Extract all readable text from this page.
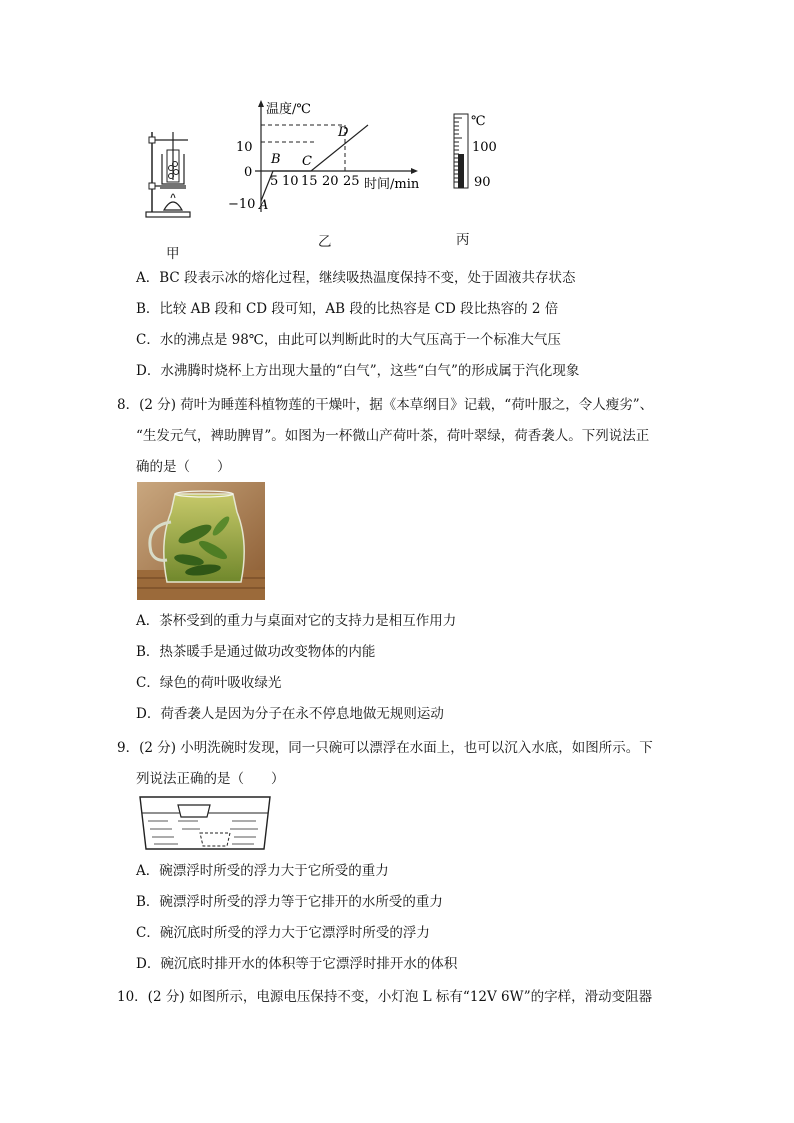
甲
温度/℃
10
0
−10
5 10 15 20 25 时间/min
A
B C
D
乙
℃
100
90
丙
A．BC 段表示冰的熔化过程，继续吸热温度保持不变，处于固液共存状态
B．比较 AB 段和 CD 段可知，AB 段的比热容是 CD 段比热容的 2 倍
C．水的沸点是 98℃，由此可以判断此时的大气压高于一个标准大气压
D．水沸腾时烧杯上方出现大量的“白气”，这些“白气”的形成属于汽化现象
8．(2 分) 荷叶为睡莲科植物莲的干燥叶，据《本草纲目》记载，“荷叶服之，令人瘦劣”、
“生发元气，裨助脾胃”。如图为一杯微山产荷叶茶，荷叶翠绿，荷香袭人。下列说法正
确的是（　　）
A．茶杯受到的重力与桌面对它的支持力是相互作用力
B．热茶暖手是通过做功改变物体的内能
C．绿色的荷叶吸收绿光
D．荷香袭人是因为分子在永不停息地做无规则运动
9．(2 分) 小明洗碗时发现，同一只碗可以漂浮在水面上，也可以沉入水底，如图所示。下
列说法正确的是（　　）
A．碗漂浮时所受的浮力大于它所受的重力
B．碗漂浮时所受的浮力等于它排开的水所受的重力
C．碗沉底时所受的浮力大于它漂浮时所受的浮力
D．碗沉底时排开水的体积等于它漂浮时排开水的体积
10．(2 分) 如图所示，电源电压保持不变，小灯泡 L 标有“12V 6W”的字样，滑动变阻器
